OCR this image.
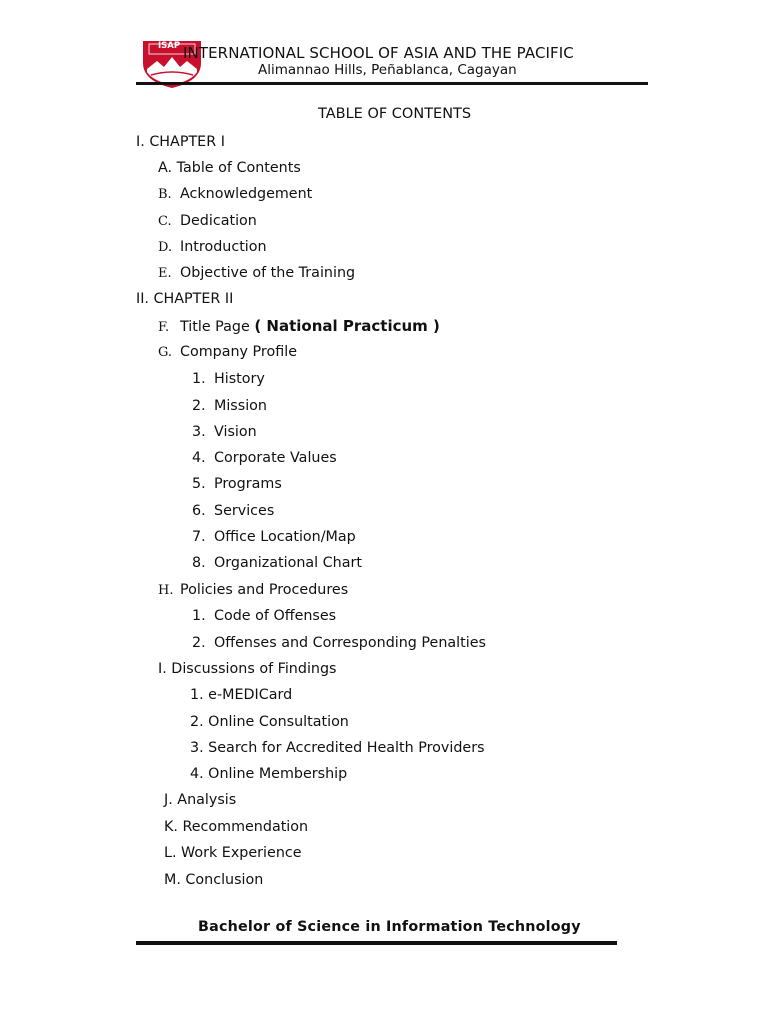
ISAP INTERNATIONAL SCHOOL OF ASIA AND THE PACIFIC
Alimannao Hills, Peñablanca, Cagayan
TABLE OF CONTENTS
I. CHAPTER I
A. Table of Contents
B. Acknowledgement
C. Dedication
D. Introduction
E. Objective of the Training
II. CHAPTER II
F. Title Page ( National Practicum )
G. Company Profile
1. History
2. Mission
3. Vision
4. Corporate Values
5. Programs
6. Services
7. Office Location/Map
8. Organizational Chart
H. Policies and Procedures
1. Code of Offenses
2. Offenses and Corresponding Penalties
I. Discussions of Findings
1. e-MEDICard
2. Online Consultation
3. Search for Accredited Health Providers
4. Online Membership
J. Analysis
K. Recommendation
L. Work Experience
M. Conclusion
Bachelor of Science in Information Technology
